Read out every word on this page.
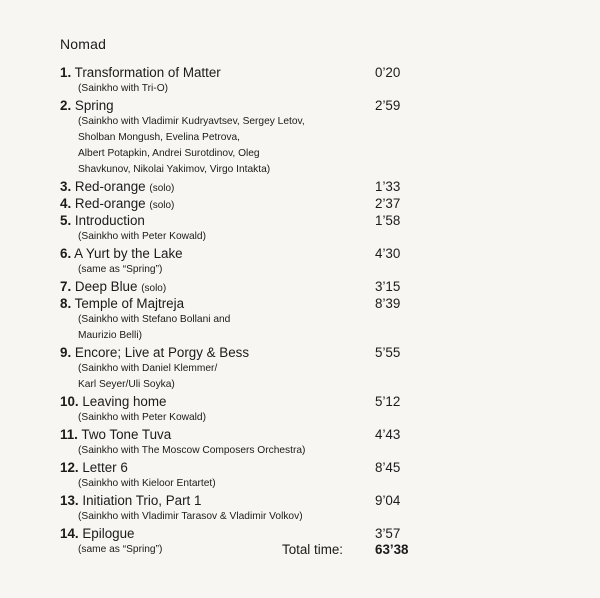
Nomad
1. Transformation of Matter	0’20
(Sainkho with Tri-O)
2. Spring	2’59
(Sainkho with Vladimir Kudryavtsev, Sergey Letov,
Sholban Mongush, Evelina Petrova,
Albert Potapkin, Andrei Surotdinov, Oleg
Shavkunov, Nikolai Yakimov, Virgo Intakta)
3. Red-orange (solo)	1’33
4. Red-orange (solo)	2’37
5. Introduction	1’58
(Sainkho with Peter Kowald)
6. A Yurt by the Lake	4’30
(same as “Spring”)
7. Deep Blue (solo)	3’15
8. Temple of Majtreja	8’39
(Sainkho with Stefano Bollani and
Maurizio Belli)
9. Encore; Live at Porgy & Bess	5’55
(Sainkho with Daniel Klemmer/
Karl Seyer/Uli Soyka)
10. Leaving home	5’12
(Sainkho with Peter Kowald)
11. Two Tone Tuva	4’43
(Sainkho with The Moscow Composers Orchestra)
12. Letter 6	8’45
(Sainkho with Kieloor Entartet)
13. Initiation Trio, Part 1	9’04
(Sainkho with Vladimir Tarasov & Vladimir Volkov)
14. Epilogue	3’57
(same as “Spring”)	Total time: 63’38
